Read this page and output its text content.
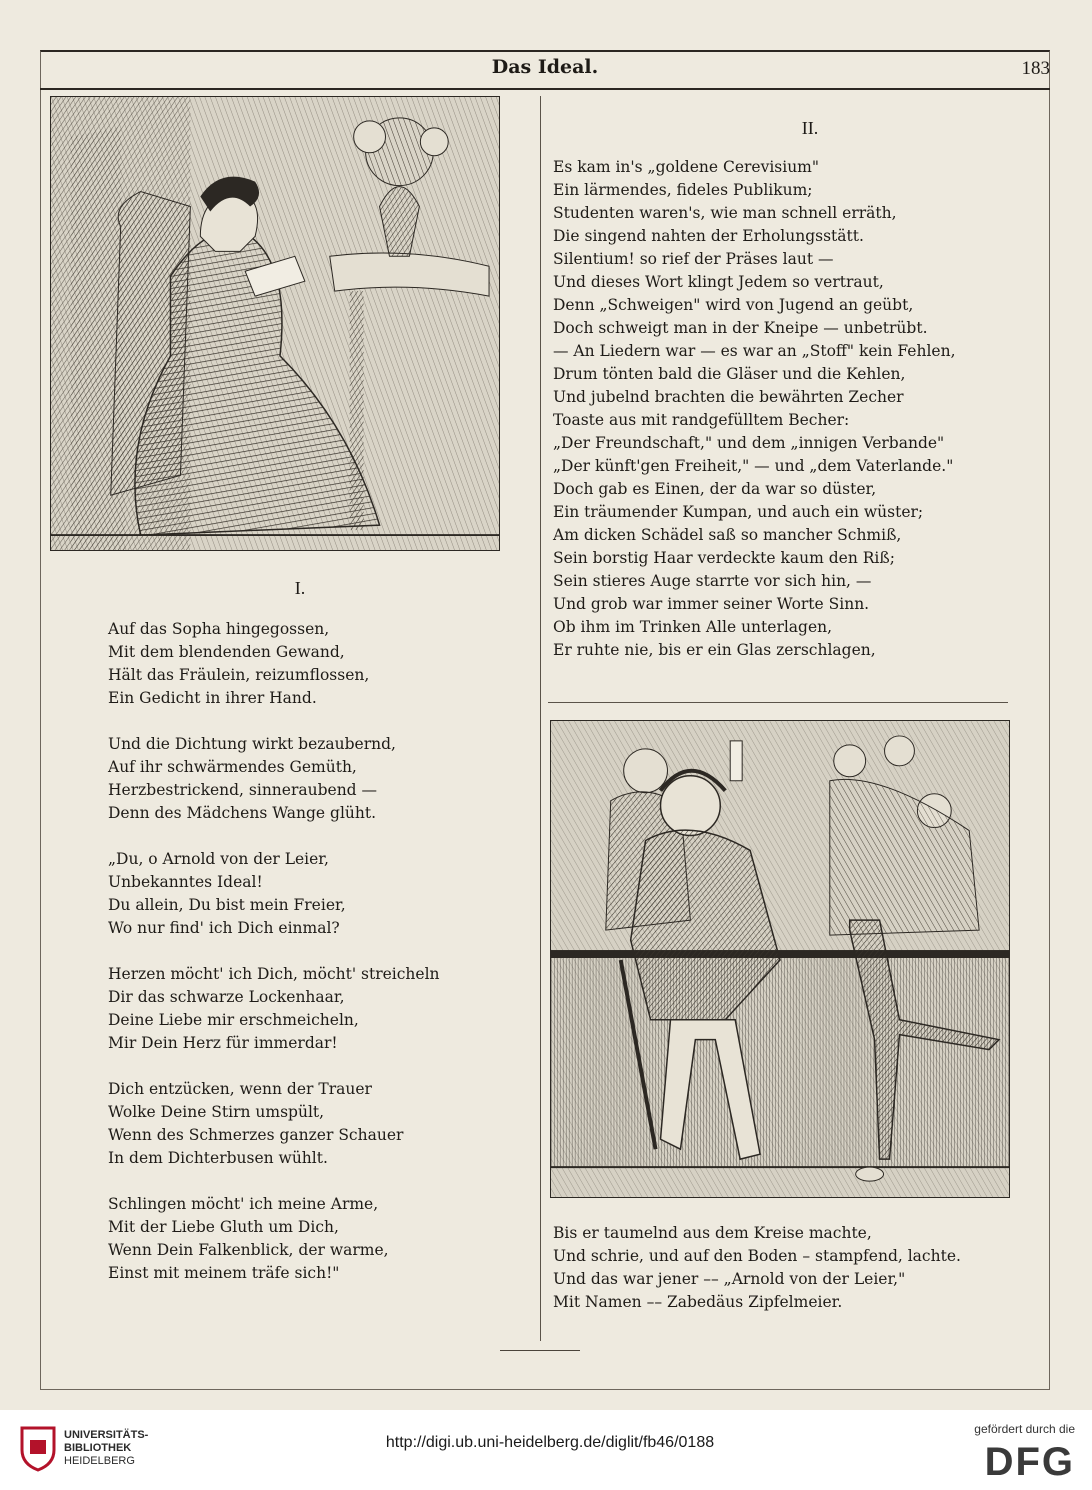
Das Ideal.	183
I.
Auf das Sopha hingegossen,
Mit dem blendenden Gewand,
Hält das Fräulein, reizumflossen,
Ein Gedicht in ihrer Hand.
Und die Dichtung wirkt bezaubernd,
Auf ihr schwärmendes Gemüth,
Herzbestrickend, sinneraubend —
Denn des Mädchens Wange glüht.
„Du, o Arnold von der Leier,
Unbekanntes Ideal!
Du allein, Du bist mein Freier,
Wo nur find' ich Dich einmal?
Herzen möcht' ich Dich, möcht' streicheln
Dir das schwarze Lockenhaar,
Deine Liebe mir erschmeicheln,
Mir Dein Herz für immerdar!
Dich entzücken, wenn der Trauer
Wolke Deine Stirn umspült,
Wenn des Schmerzes ganzer Schauer
In dem Dichterbusen wühlt.
Schlingen möcht' ich meine Arme,
Mit der Liebe Gluth um Dich,
Wenn Dein Falkenblick, der warme,
Einst mit meinem träfe sich!"
II.
Es kam in's „goldene Cerevisium"
Ein lärmendes, fideles Publikum;
Studenten waren's, wie man schnell erräth,
Die singend nahten der Erholungsstätt.
Silentium! so rief der Präses laut —
Und dieses Wort klingt Jedem so vertraut,
Denn „Schweigen" wird von Jugend an geübt,
Doch schweigt man in der Kneipe — unbetrübt.
— An Liedern war — es war an „Stoff" kein Fehlen,
Drum tönten bald die Gläser und die Kehlen,
Und jubelnd brachten die bewährten Zecher
Toaste aus mit randgefülltem Becher:
„Der Freundschaft," und dem „innigen Verbande"
„Der künft'gen Freiheit," — und „dem Vaterlande."
Doch gab es Einen, der da war so düster,
Ein träumender Kumpan, und auch ein wüster;
Am dicken Schädel saß so mancher Schmiß,
Sein borstig Haar verdeckte kaum den Riß;
Sein stieres Auge starrte vor sich hin, —
Und grob war immer seiner Worte Sinn.
Ob ihm im Trinken Alle unterlagen,
Er ruhte nie, bis er ein Glas zerschlagen,
Bis er taumelnd aus dem Kreise machte,
Und schrie, und auf den Boden – stampfend, lachte.
Und das war jener –– „Arnold von der Leier,"
Mit Namen –– Zabedäus Zipfelmeier.
UNIVERSITÄTS-
BIBLIOTHEK
HEIDELBERG
http://digi.ub.uni-heidelberg.de/diglit/fb46/0188
gefördert durch die
DFG
